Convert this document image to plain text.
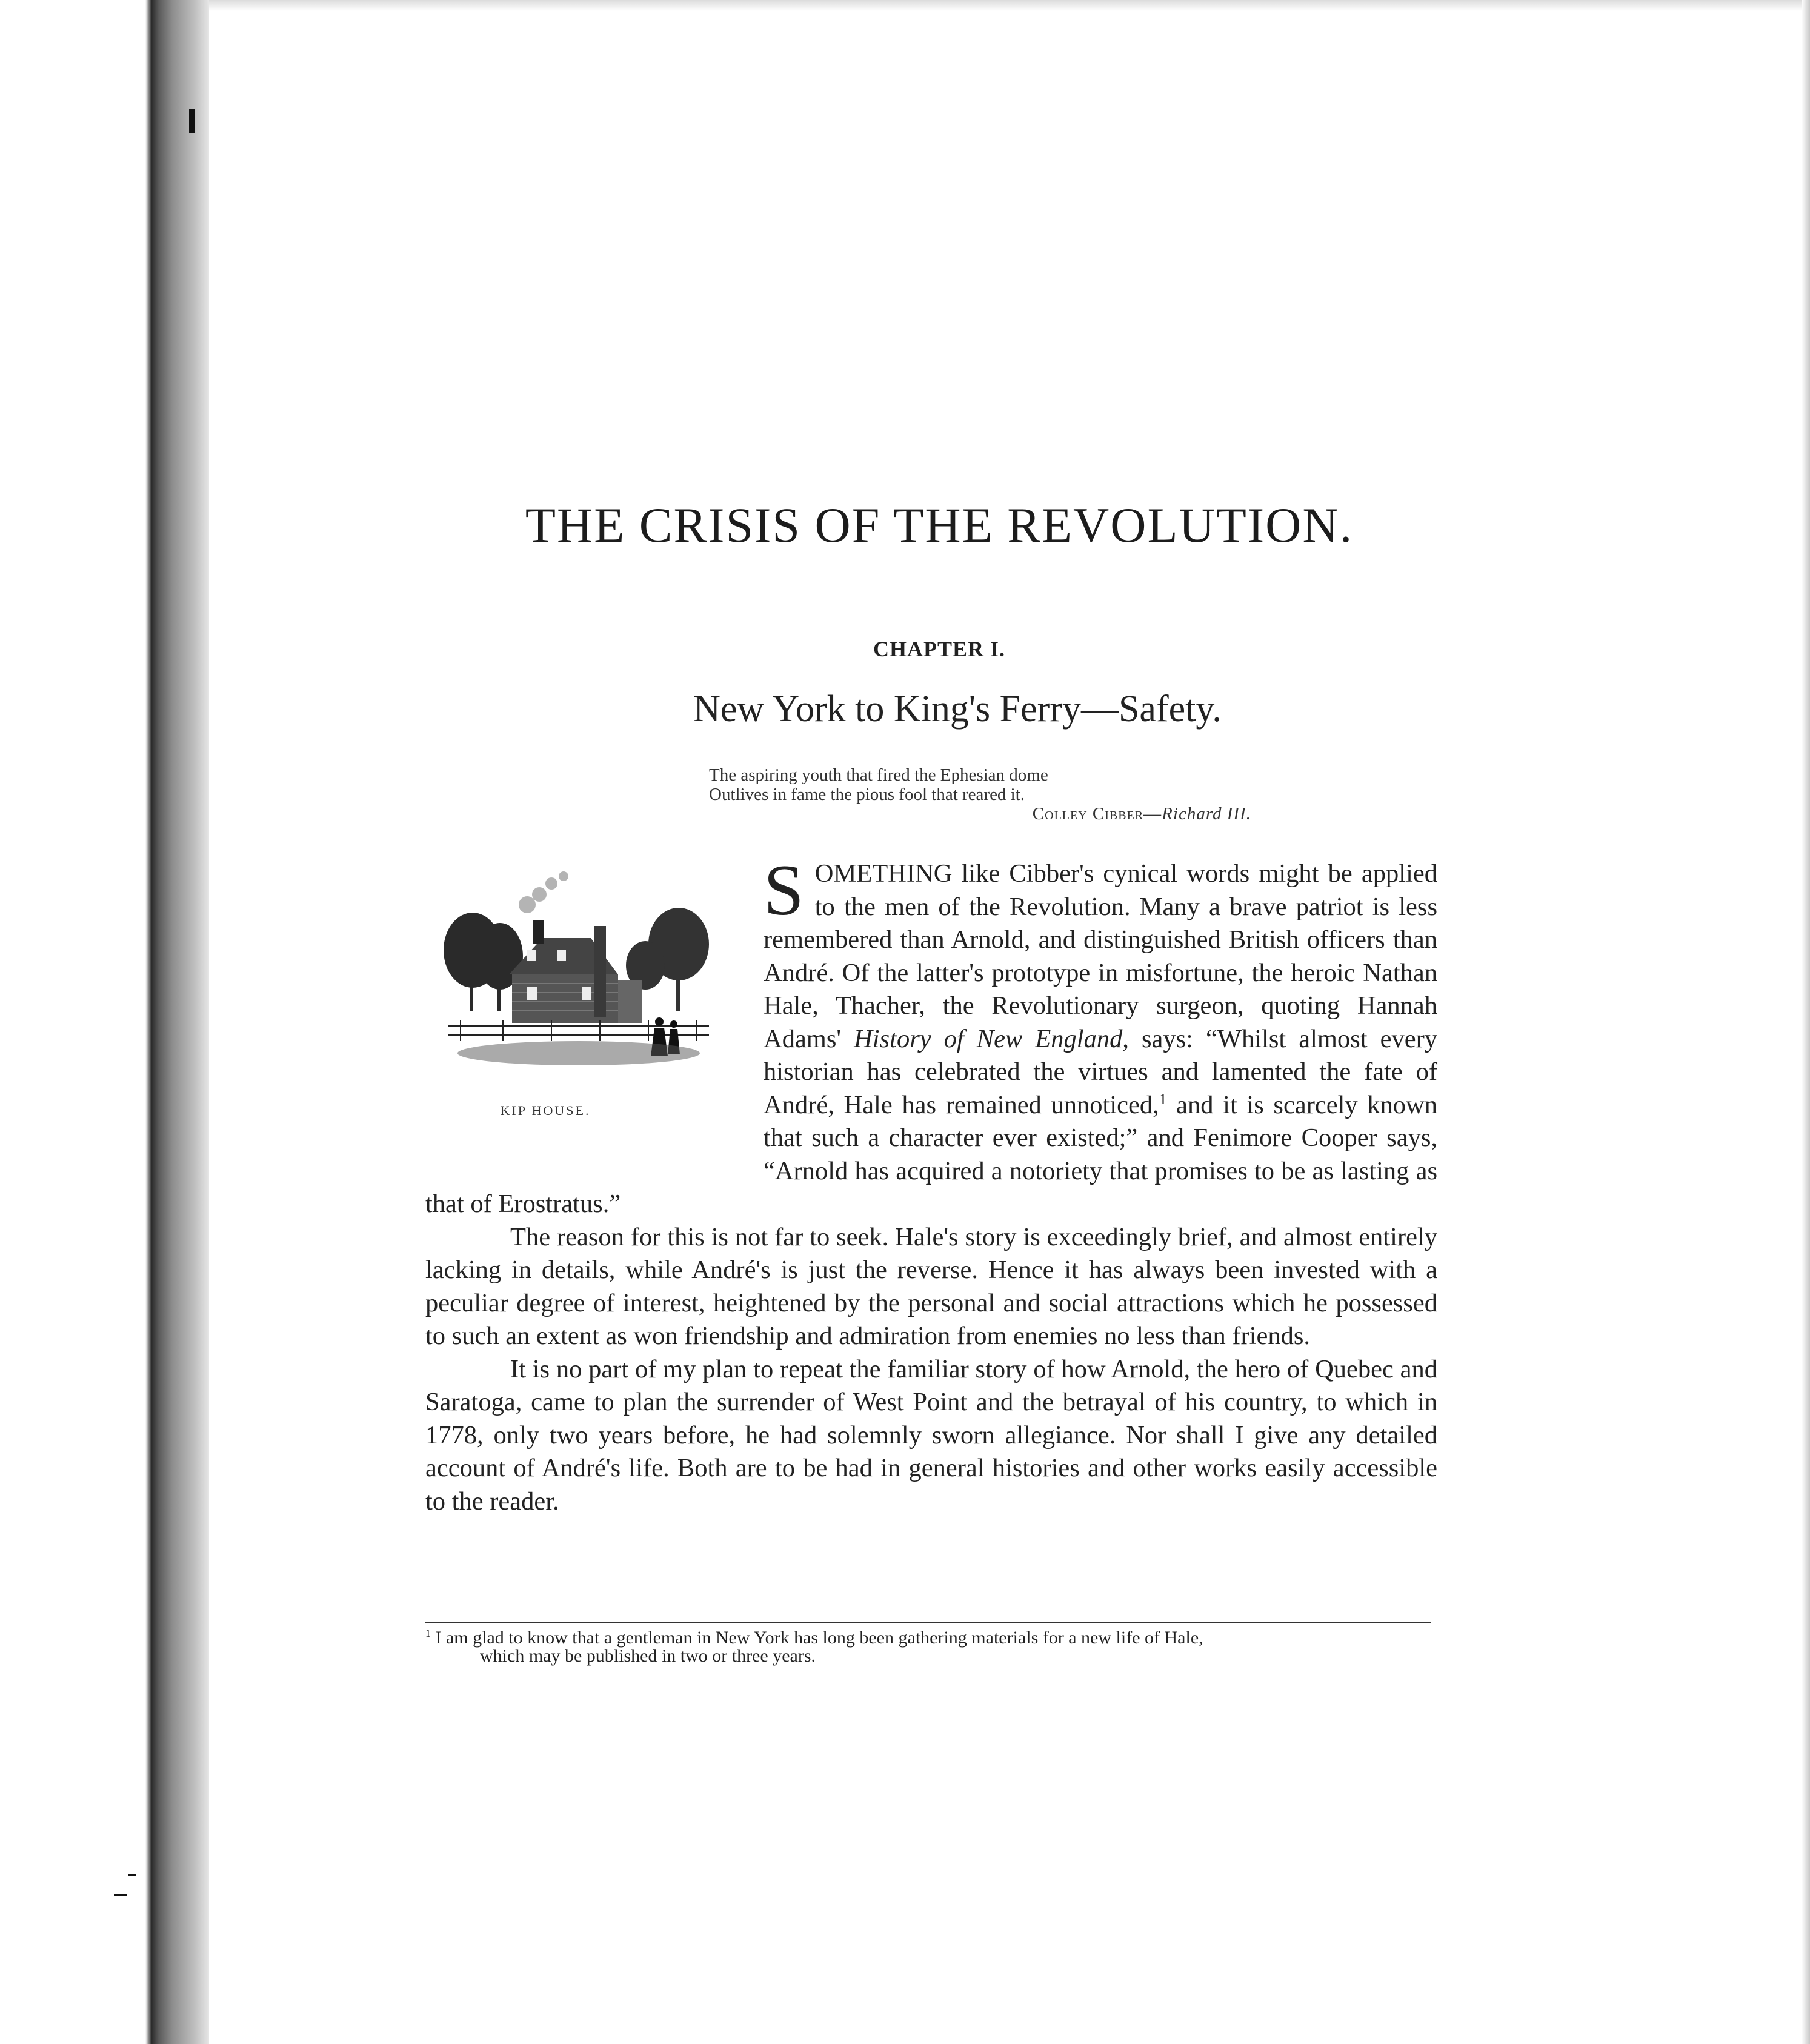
THE CRISIS OF THE REVOLUTION.
CHAPTER I.
New York to King's Ferry—Safety.
The aspiring youth that fired the Ephesian dome
Outlives in fame the pious fool that reared it.
Colley Cibber—Richard III.
KIP HOUSE.

SOMETHING like Cibber's cynical words might be applied to the men of the Revolution. Many a brave patriot is less remembered than Arnold, and distinguished British officers than André. Of the latter's prototype in misfortune, the heroic Nathan Hale, Thacher, the Revolutionary surgeon, quoting Hannah Adams' History of New England, says: “Whilst almost every historian has celebrated the virtues and lamented the fate of André, Hale has remained unnoticed,$^1$ and it is scarcely known that such a character ever existed;” and Fenimore Cooper says, “Arnold has acquired a notoriety that promises to be as lasting as that of Erostratus.”

The reason for this is not far to seek. Hale's story is exceedingly brief, and almost entirely lacking in details, while André's is just the reverse. Hence it has always been invested with a peculiar degree of interest, heightened by the personal and social attractions which he possessed to such an extent as won friendship and admiration from enemies no less than friends.

It is no part of my plan to repeat the familiar story of how Arnold, the hero of Quebec and Saratoga, came to plan the surrender of West Point and the betrayal of his country, to which in 1778, only two years before, he had solemnly sworn allegiance. Nor shall I give any detailed account of André's life. Both are to be had in general histories and other works easily accessible to the reader.

$^1$ I am glad to know that a gentleman in New York has long been gathering materials for a new life of Hale,
which may be published in two or three years.
